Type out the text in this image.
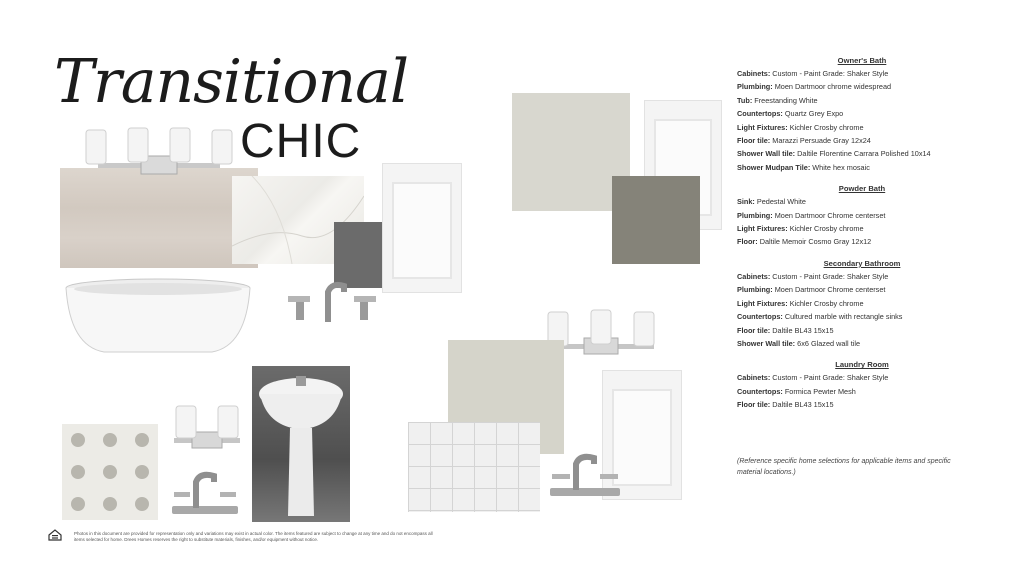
Transitional
CHIC
Owner's Bath
Cabinets: Custom - Paint Grade: Shaker Style
Plumbing: Moen Dartmoor chrome widespread
Tub: Freestanding White
Countertops: Quartz Grey Expo
Light Fixtures: Kichler Crosby chrome
Floor tile: Marazzi Persuade Gray 12x24
Shower Wall tile: Daltile Florentine Carrara Polished 10x14
Shower Mudpan Tile: White hex mosaic
Powder Bath
Sink: Pedestal White
Plumbing: Moen Dartmoor Chrome centerset
Light Fixtures: Kichler Crosby chrome
Floor: Daltile Memoir Cosmo Gray 12x12
Secondary Bathroom
Cabinets: Custom - Paint Grade: Shaker Style
Plumbing: Moen Dartmoor Chrome centerset
Light Fixtures: Kichler Crosby chrome
Countertops: Cultured marble with rectangle sinks
Floor tile: Daltile BL43 15x15
Shower Wall tile: 6x6 Glazed wall tile
Laundry Room
Cabinets: Custom - Paint Grade: Shaker Style
Countertops: Formica Pewter Mesh
Floor tile: Daltile BL43 15x15
(Reference specific home selections for applicable items and specific material locations.)
Photos in this document are provided for representation only and variations may exist in actual color. The items featured are subject to change at any time and do not encompass all items selected for home. Drees Homes reserves the right to substitute materials, finishes, and/or equipment without notice.
